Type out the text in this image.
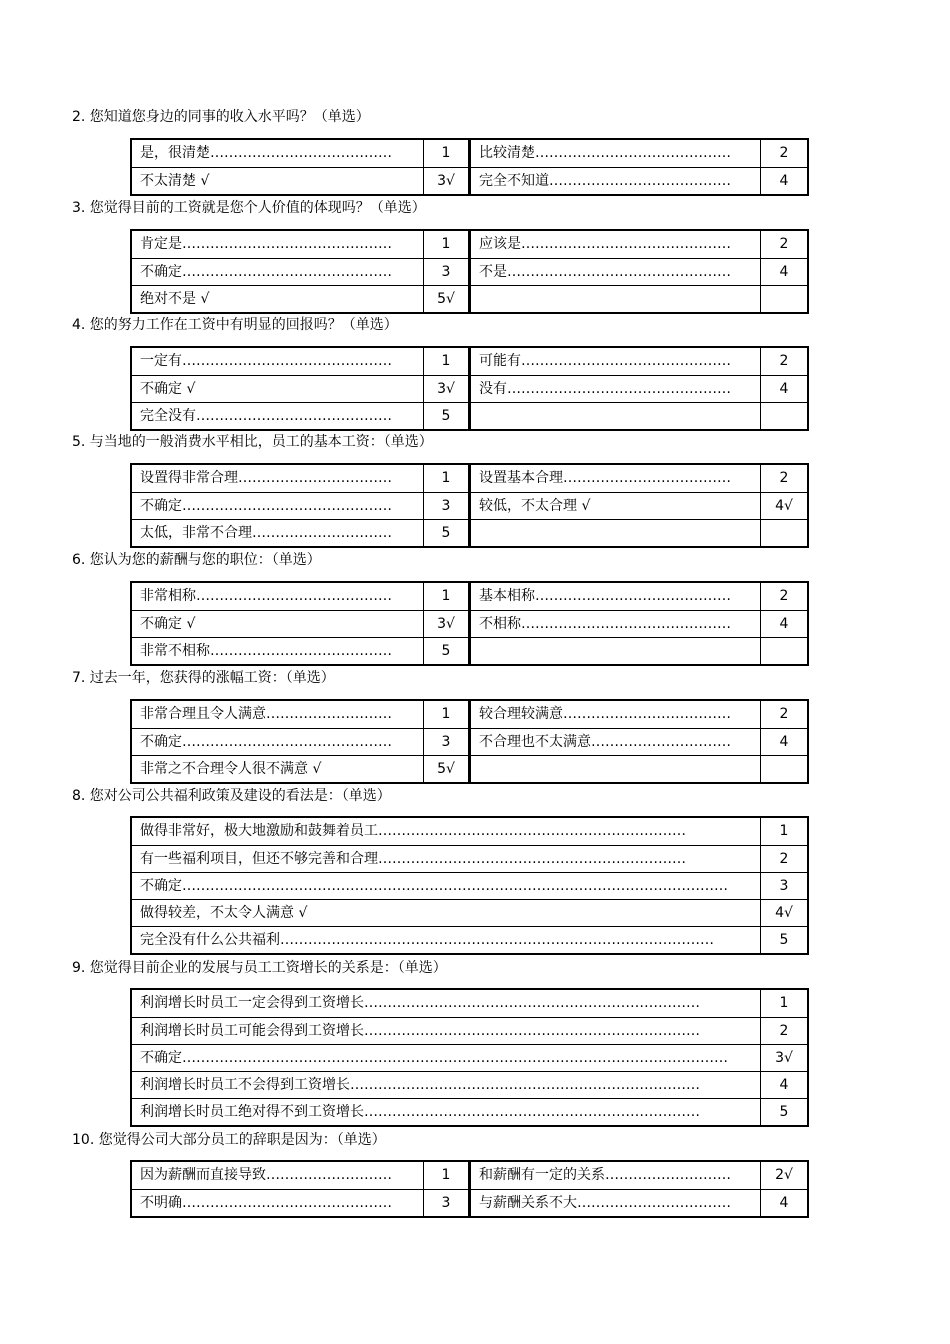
2. 您知道您身边的同事的收入水平吗？（单选）
是，很清楚…………………………………	1	比较清楚……………………………………	2
不太清楚 √	3√	完全不知道…………………………………	4
3. 您觉得目前的工资就是您个人价值的体现吗？（单选）
肯定是………………………………………	1	应该是………………………………………	2
不确定………………………………………	3	不是…………………………………………	4
绝对不是 √	5√
4. 您的努力工作在工资中有明显的回报吗？（单选）
一定有………………………………………	1	可能有………………………………………	2
不确定 √	3√	没有…………………………………………	4
完全没有……………………………………	5
5. 与当地的一般消费水平相比，员工的基本工资：（单选）
设置得非常合理……………………………	1	设置基本合理………………………………	2
不确定………………………………………	3	较低，不太合理 √	4√
太低，非常不合理…………………………	5
6. 您认为您的薪酬与您的职位：（单选）
非常相称……………………………………	1	基本相称……………………………………	2
不确定 √	3√	不相称………………………………………	4
非常不相称…………………………………	5
7. 过去一年，您获得的涨幅工资：（单选）
非常合理且令人满意………………………	1	较合理较满意………………………………	2
不确定………………………………………	3	不合理也不太满意…………………………	4
非常之不合理令人很不满意 √	5√
8. 您对公司公共福利政策及建设的看法是：（单选）
做得非常好，极大地激励和鼓舞着员工…………………………………………………………	1
有一些福利项目，但还不够完善和合理…………………………………………………………	2
不确定………………………………………………………………………………………………………	3
做得较差，不太令人满意 √	4√
完全没有什么公共福利…………………………………………………………………………………	5
9. 您觉得目前企业的发展与员工工资增长的关系是：（单选）
利润增长时员工一定会得到工资增长………………………………………………………………	1
利润增长时员工可能会得到工资增长………………………………………………………………	2
不确定………………………………………………………………………………………………………	3√
利润增长时员工不会得到工资增长…………………………………………………………………	4
利润增长时员工绝对得不到工资增长………………………………………………………………	5
10. 您觉得公司大部分员工的辞职是因为：（单选）
因为薪酬而直接导致………………………	1	和薪酬有一定的关系………………………	2√
不明确………………………………………	3	与薪酬关系不大……………………………	4
